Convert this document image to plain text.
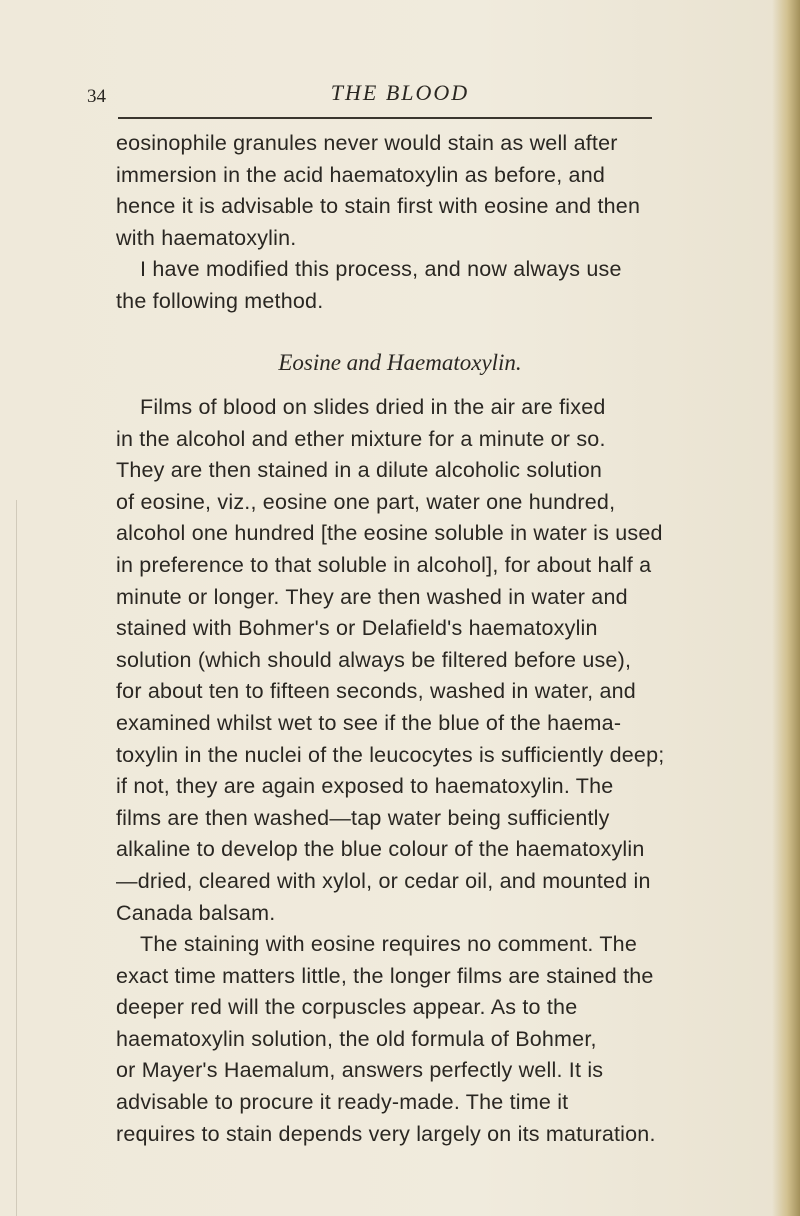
34	THE BLOOD
eosinophile granules never would stain as well after
immersion in the acid haematoxylin as before, and
hence it is advisable to stain first with eosine and then
with haematoxylin.
I have modified this process, and now always use
the following method.
Eosine and Haematoxylin.
Films of blood on slides dried in the air are fixed
in the alcohol and ether mixture for a minute or so.
They are then stained in a dilute alcoholic solution
of eosine, viz., eosine one part, water one hundred,
alcohol one hundred [the eosine soluble in water is used
in preference to that soluble in alcohol], for about half a
minute or longer. They are then washed in water and
stained with Bohmer's or Delafield's haematoxylin
solution (which should always be filtered before use),
for about ten to fifteen seconds, washed in water, and
examined whilst wet to see if the blue of the haema-
toxylin in the nuclei of the leucocytes is sufficiently deep;
if not, they are again exposed to haematoxylin. The
films are then washed—tap water being sufficiently
alkaline to develop the blue colour of the haematoxylin
—dried, cleared with xylol, or cedar oil, and mounted in
Canada balsam.
The staining with eosine requires no comment. The
exact time matters little, the longer films are stained the
deeper red will the corpuscles appear. As to the
haematoxylin solution, the old formula of Bohmer,
or Mayer's Haemalum, answers perfectly well. It is
advisable to procure it ready-made. The time it
requires to stain depends very largely on its maturation.
